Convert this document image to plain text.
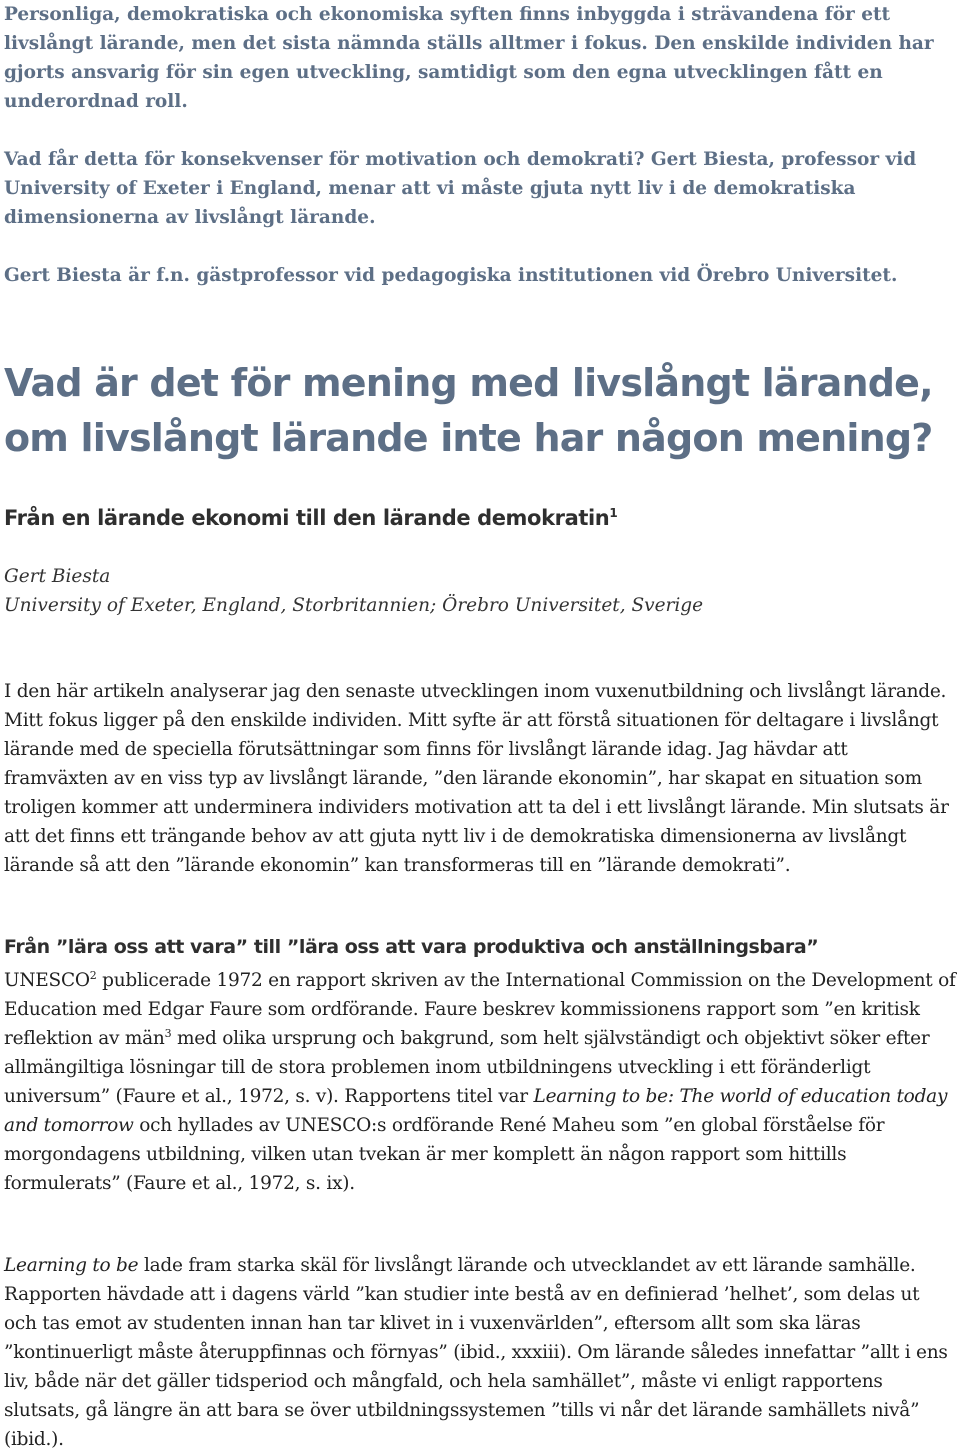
Personliga, demokratiska och ekonomiska syften finns inbyggda i strävandena för ett livslångt lärande, men det sista nämnda ställs alltmer i fokus. Den enskilde individen har gjorts ansvarig för sin egen utveckling, samtidigt som den egna utvecklingen fått en underordnad roll.

Vad får detta för konsekvenser för motivation och demokrati? Gert Biesta, professor vid University of Exeter i England, menar att vi måste gjuta nytt liv i de demokratiska dimensionerna av livslångt lärande.

Gert Biesta är f.n. gästprofessor vid pedagogiska institutionen vid Örebro Universitet.

Vad är det för mening med livslångt lärande,
om livslångt lärande inte har någon mening?
Från en lärande ekonomi till den lärande demokratin$^1$
Gert Biesta
University of Exeter, England, Storbritannien; Örebro Universitet, Sverige

I den här artikeln analyserar jag den senaste utvecklingen inom vuxenutbildning och livslångt lärande. Mitt fokus ligger på den enskilde individen. Mitt syfte är att förstå situationen för deltagare i livslångt lärande med de speciella förutsättningar som finns för livslångt lärande idag. Jag hävdar att framväxten av en viss typ av livslångt lärande, ”den lärande ekonomin”, har skapat en situation som troligen kommer att underminera individers motivation att ta del i ett livslångt lärande. Min slutsats är att det finns ett trängande behov av att gjuta nytt liv i de demokratiska dimensionerna av livslångt lärande så att den ”lärande ekonomin” kan transformeras till en ”lärande demokrati”.

Från ”lära oss att vara” till ”lära oss att vara produktiva och anställningsbara”

UNESCO$^2$ publicerade 1972 en rapport skriven av the International Commission on the Development of Education med Edgar Faure som ordförande. Faure beskrev kommissionens rapport som ”en kritisk reflektion av män$^3$ med olika ursprung och bakgrund, som helt självständigt och objektivt söker efter allmängiltiga lösningar till de stora problemen inom utbildningens utveckling i ett föränderligt universum” (Faure et al., 1972, s. v). Rapportens titel var Learning to be: The world of education today and tomorrow och hyllades av UNESCO:s ordförande René Maheu som ”en global förståelse för morgondagens utbildning, vilken utan tvekan är mer komplett än någon rapport som hittills formulerats” (Faure et al., 1972, s. ix).

Learning to be lade fram starka skäl för livslångt lärande och utvecklandet av ett lärande samhälle. Rapporten hävdade att i dagens värld ”kan studier inte bestå av en definierad ’helhet’, som delas ut och tas emot av studenten innan han tar klivet in i vuxenvärlden”, eftersom allt som ska läras ”kontinuerligt måste återuppfinnas och förnyas” (ibid., xxxiii). Om lärande således innefattar ”allt i ens liv, både när det gäller tidsperiod och mångfald, och hela samhället”, måste vi enligt rapportens slutsats, gå längre än att bara se över utbildningssystemen ”tills vi når det lärande samhällets nivå” (ibid.).
